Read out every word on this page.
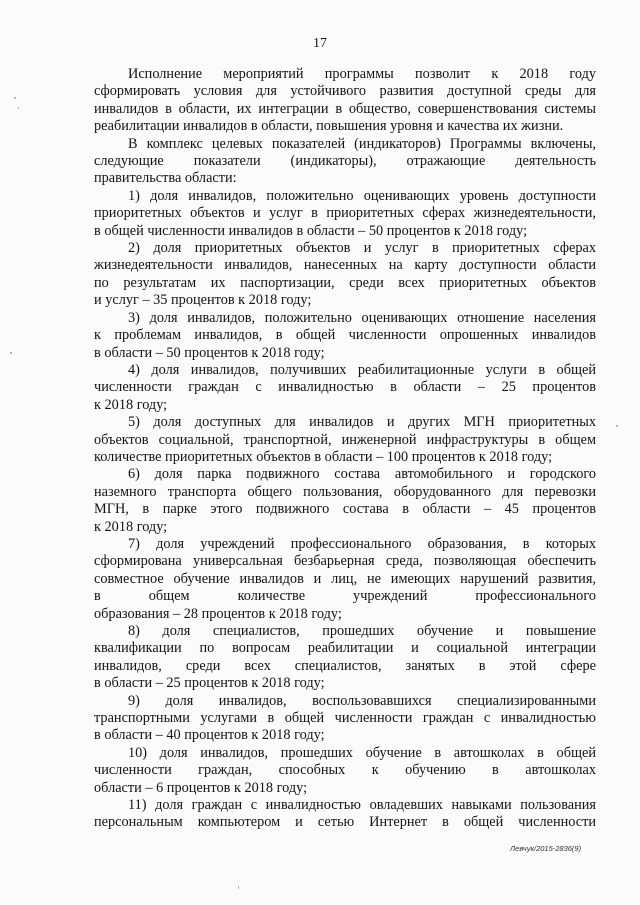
17
Исполнение мероприятий программы позволит к 2018 году
сформировать условия для устойчивого развития доступной среды для
инвалидов в области, их интеграции в общество, совершенствования системы
реабилитации инвалидов в области, повышения уровня и качества их жизни.
В комплекс целевых показателей (индикаторов) Программы включены,
следующие показатели (индикаторы), отражающие деятельность
правительства области:
1) доля инвалидов, положительно оценивающих уровень доступности
приоритетных объектов и услуг в приоритетных сферах жизнедеятельности,
в общей численности инвалидов в области – 50 процентов к 2018 году;
2) доля приоритетных объектов и услуг в приоритетных сферах
жизнедеятельности инвалидов, нанесенных на карту доступности области
по результатам их паспортизации, среди всех приоритетных объектов
и услуг – 35 процентов к 2018 году;
3) доля инвалидов, положительно оценивающих отношение населения
к проблемам инвалидов, в общей численности опрошенных инвалидов
в области – 50 процентов к 2018 году;
4) доля инвалидов, получивших реабилитационные услуги в общей
численности граждан с инвалидностью в области – 25 процентов
к 2018 году;
5) доля доступных для инвалидов и других МГН приоритетных
объектов социальной, транспортной, инженерной инфраструктуры в общем
количестве приоритетных объектов в области – 100 процентов к 2018 году;
6) доля парка подвижного состава автомобильного и городского
наземного транспорта общего пользования, оборудованного для перевозки
МГН, в парке этого подвижного состава в области – 45 процентов
к 2018 году;
7) доля учреждений профессионального образования, в которых
сформирована универсальная безбарьерная среда, позволяющая обеспечить
совместное обучение инвалидов и лиц, не имеющих нарушений развития,
в общем количестве учреждений профессионального
образования – 28 процентов к 2018 году;
8) доля специалистов, прошедших обучение и повышение
квалификации по вопросам реабилитации и социальной интеграции
инвалидов, среди всех специалистов, занятых в этой сфере
в области – 25 процентов к 2018 году;
9) доля инвалидов, воспользовавшихся специализированными
транспортными услугами в общей численности граждан с инвалидностью
в области – 40 процентов к 2018 году;
10) доля инвалидов, прошедших обучение в автошколах в общей
численности граждан, способных к обучению в автошколах
области – 6 процентов к 2018 году;
11) доля граждан с инвалидностью овладевших навыками пользования
персональным компьютером и сетью Интернет в общей численности
Левчук/2015-2836(9)
